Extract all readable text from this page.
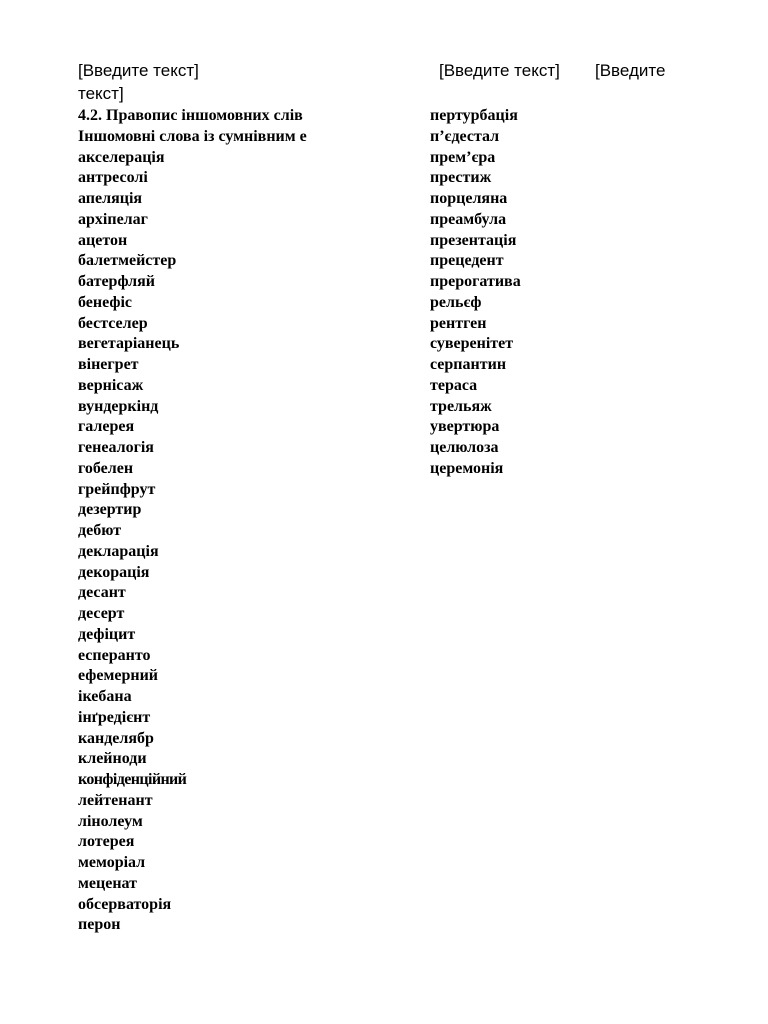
[Введите текст]	[Введите текст] [Введите
текст]
4.2. Правопис іншомовних слів
Іншомовні слова із сумнівним е
акселерація
антресолі
апеляція
архіпелаг
ацетон
балетмейстер
батерфляй
бенефіс
бестселер
вегетаріанець
вінегрет
вернісаж
вундеркінд
галерея
генеалогія
гобелен
грейпфрут
дезертир
дебют
декларація
декорація
десант
десерт
дефіцит
есперанто
ефемерний
ікебана
інґредієнт
канделябр
клейноди
конфіденційний
лейтенант
лінолеум
лотерея
меморіал
меценат
обсерваторія
перон
пертурбація
п’єдестал
прем’єра
престиж
порцеляна
преамбула
презентація
прецедент
прерогатива
рельєф
рентген
суверенітет
серпантин
тераса
трельяж
увертюра
целюлоза
церемонія
